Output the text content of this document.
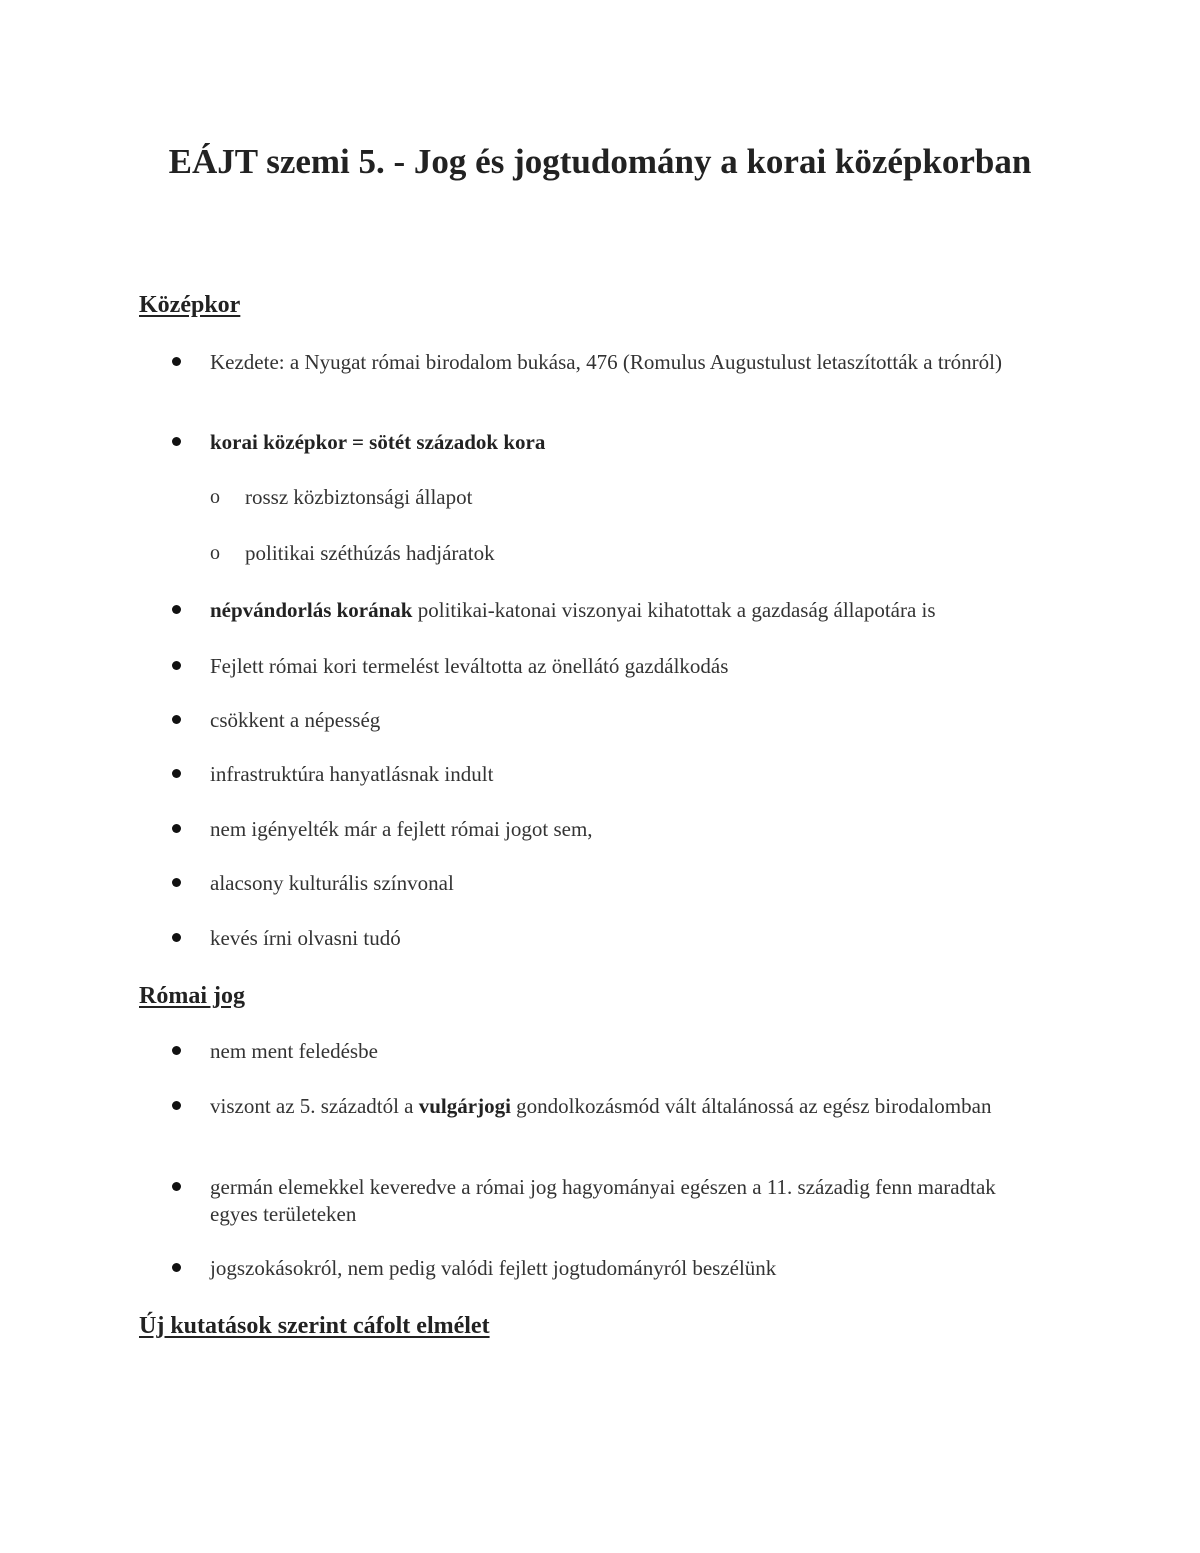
EÁJT szemi 5. - Jog és jogtudomány a korai középkorban
Középkor
Kezdete: a Nyugat római birodalom bukása, 476 (Romulus Augustulust letaszították a trónról)
korai középkor = sötét századok kora
o rossz közbiztonsági állapot
o politikai széthúzás hadjáratok
népvándorlás korának politikai-katonai viszonyai kihatottak a gazdaság állapotára is
Fejlett római kori termelést leváltotta az önellátó gazdálkodás
csökkent a népesség
infrastruktúra hanyatlásnak indult
nem igényelték már a fejlett római jogot sem,
alacsony kulturális színvonal
kevés írni olvasni tudó
Római jog
nem ment feledésbe
viszont az 5. századtól a vulgárjogi gondolkozásmód vált általánossá az egész birodalomban
germán elemekkel keveredve a római jog hagyományai egészen a 11. századig fenn maradtak egyes területeken
jogszokásokról, nem pedig valódi fejlett jogtudományról beszélünk
Új kutatások szerint cáfolt elmélet
